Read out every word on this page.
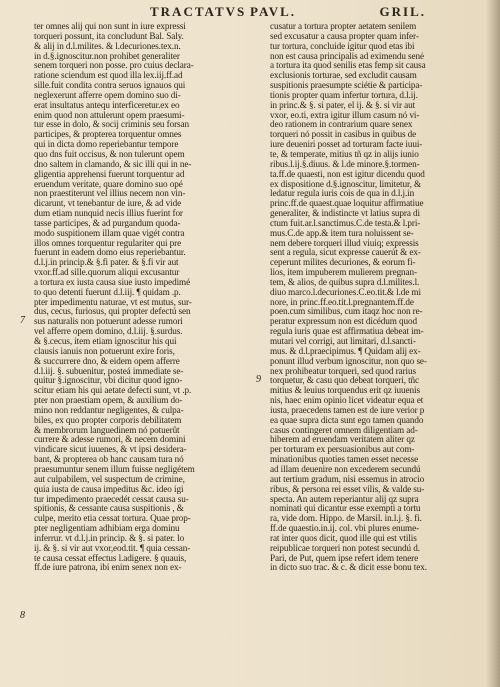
TRACTATVS PAVL.	GRIL.
ter omnes alij qui non sunt in iure expressi
torqueri possunt, ita concludunt Bal. Saly.
& alij in d.l.milites. & l.decuriones.tex.n.
in d.§.ignoscitur.non prohibet generaliter
senem torqueri non posse. pro cuius declara-
ratione sciendum est quod illa lex.iij.ff.ad
sille.fuit condita contra seruos ignauos qui
neglexerunt afferre opem domino suo di-
erat insultatus antequ interficeretur.ex eo
enim quod non attulerunt opem praesumi-
tur esse in dolo, & socij criminis seu forsan
participes, & propterea torquentur omnes
qui in dicta domo reperiebantur tempore
quo dns fuit occisus, & non tulerunt opem
dno saltem in clamando, & sic illi qui in ne-
gligentia apprehensi fuerunt torquentur ad
eruendum veritate, quare domino suo opé
non praestiterunt vel illius necem non vin-
dicarunt, vt tenebantur de iure, & ad vide
dum etiam nunquid necis illius fuerint for
tasse participes, & ad purgandum quoda-
modo suspitionem illam quae vigét contra
illos omnes torquentur regulariter qui pre
fuerunt in eadem domo eius reperiebantur.
d.l.j.in princip.& §.fi pater. & §.fi vir aut
vxor.ff.ad sille.quorum aliqui excusantur
a tortura ex iusta causa siue iusto impedimé
to quo detenti fuerunt d.l.iij. ¶ quidam .p.
pter impedimentu naturae, vt est mutus, sur-
dus, cecus, furiosus, qui propter defectú sen
sus naturalis non potuerunt adesse rumori
vel afferre opem domino, d.l.iij. §.surdus.
& §.cecus, item etiam ignoscitur his qui
clausis ianuis non potuerunt exire foris,
& succurrere dno, & eidem opem afferre
d.l.iij. §. subuenitur, posteá immediate se-
quitur §.ignoscitur, vbi dicitur quod igno-
scitur etiam his qui aetate defecti sunt, vt .p.
pter non praestiam opem, & auxilium do-
mino non reddantur negligentes, & culpa-
biles, ex quo propter corporis debilitatem
& membrorum languedinem nó potuerût
currere & adesse rumori, & necem domini
vindicare sicut iuuenes, & vt ipsi desidera-
bant, & propterea ob hanc causam tura nó
praesumuntur senem illum fuisse negligétem
aut culpabilem, vel suspectum de crimine,
quia iusta de causa impeditus &c. ideo igi
tur impedimento praecedét cessat causa su-
spitionis, & cessante causa suspitionis , &
culpe, merito etia cessat tortura. Quae prop-
pter negligentiam adhibiam erga dominu
inferrur. vt d.l.j.in princip. & §. si pater. lo
ij. & §. si vir aut vxor,eod.tit. ¶ quia cessan-
te causa cessat effectus l.adigere. § quauis,
ff.de iure patrona, ibi enim senex non ex-
cusatur a tortura propter aetatem senilem
sed excusatur a causa propter quam infer-
tur tortura, concluide igitur quod etas ibi
non est causa principalis ad eximendu senė
a tortura ita quod senilis etas femp sit causa
exclusionis torturae, sed excludit causam
suspitionis praesumpte sciétie & participa-
tionis propter quam infertur tortura, d.l.ij.
in princ.& §. si pater, el ij. & §. si vir aut
vxor, eo.ti, extra igitur illum casum nó vi-
deo rationem in contrarium quare senex
torqueri nó possit in casibus in quibus de
iure deueniri posset ad torturam facte iuui-
te, & temperate, mitius tñ qz in alijs iunio
ribus.l.ij.§.diuus. & l.de minore.§.tormen-
ta.ff.de quaesti, non est igitur dicendu quod
ex dispositione d.§.ignoscitur, limitetur, &
ledatur regula iuris cois de qua in d.l.j.in
princ.ff.de quaest.quae loquitur affirmatiue
generaliter, & indistincte vt latius supra di
ctum fuit.ar.l.sanctimus.C.de testa.& l.pri-
mus.C.de app.& item tura noluissent se-
nem debere torqueri illud viuiq; expressis
sent a regula, sicut expresse cauerút & ex-
ceperunt milites decuriones, & eorum fi-
lios, item impuberem mulierem pregnan-
tem, & alios, de quibus supra d.l.milites.l.
diuo marco.l.decuriones.C.eo.tit.& l.de mi
nore, in princ.ff.eo.tit.l.pregnantem.ff.de
poen.cum similibus, cum itaqz hoc non re-
peratur expressum non est dicédum quod
regula iuris quae est affirmatiua debeat im-
mutari vel corrigi, aut limitari, d.l.sancti-
mus. & d.l.praecipimus. ¶ Quidam alij ex-
ponunt illud verbum ignoscitur, non quo se-
nex prohibeatur torqueri, sed quod rarius
torquetur, & casu quo debeat torqueri, tñc
mitius & leuius torquendus erit qz iuuenis
nis, haec enim opinio licet videatur equa et
iusta, praecedens tamen est de iure verior p
ea quae supra dicta sunt ego tamen quando
casus contingeret omnem diligentiam ad-
hiberem ad eruendam veritatem aliter qz
per torturam ex persuasionibus aut com-
minationibus quoties tamen esset necesse
ad illam deuenire non excederem secundú
aut tertium gradum, nisi essemus in atrocio
ribus, & persona rei esset vilis, & valde su-
specta. An autem reperiantur alij qz supra
nominati qui dicantur esse exempti a tortu
ra, vide dom. Hippo. de Marsil. in.l.j. §. fi.
ff.de quaestio.in.ij. col. vbi plures enume-
rat inter quos dicit, quod ille qui est vtilis
reipublicae torqueri non potest secundú d.
Pari, de Put, quem ipse refert idem tenere
in dicto suo trac. & c. & dicit esse bonu tex.
7
8
9
